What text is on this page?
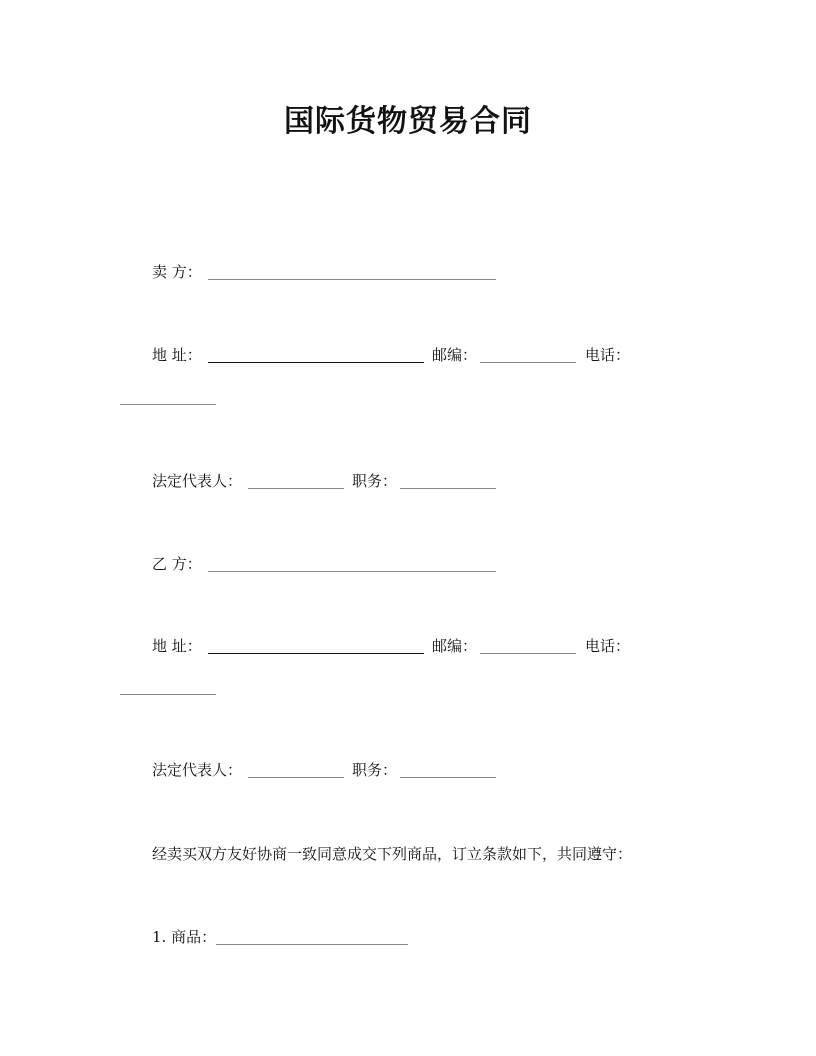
国际货物贸易合同
卖 方：
地 址：	邮编：	电话：
法定代表人：	职务：
乙 方：
地 址：	邮编：	电话：
法定代表人：	职务：
经卖买双方友好协商一致同意成交下列商品，订立条款如下，共同遵守：
1. 商品：
